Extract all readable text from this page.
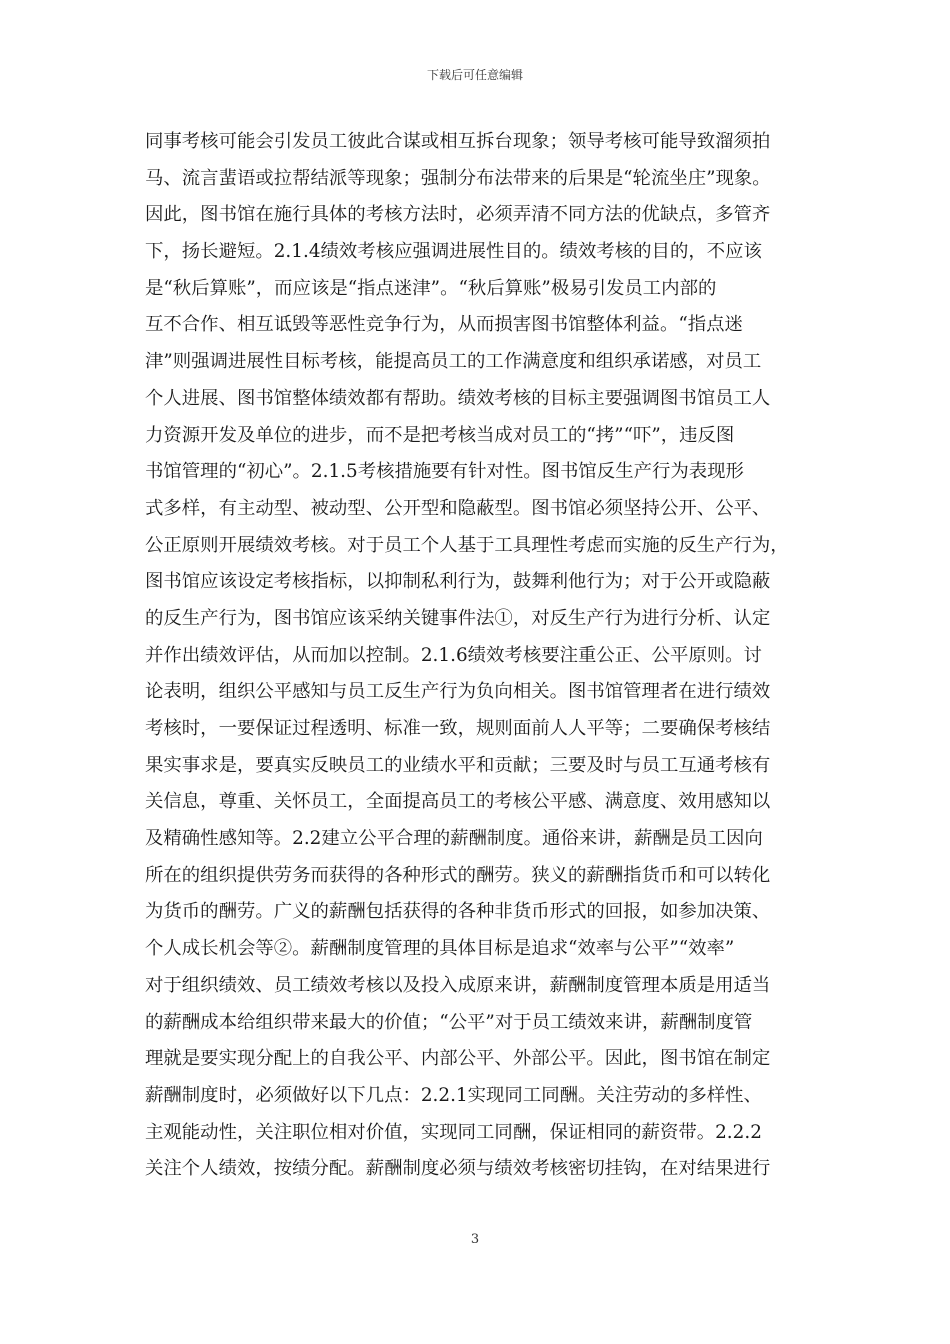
下载后可任意编辑
同事考核可能会引发员工彼此合谋或相互拆台现象；领导考核可能导致溜须拍
马、流言蜚语或拉帮结派等现象；强制分布法带来的后果是“轮流坐庄”现象。
因此，图书馆在施行具体的考核方法时，必须弄清不同方法的优缺点，多管齐
下，扬长避短。2.1.4绩效考核应强调进展性目的。绩效考核的目的，不应该
是“秋后算账”，而应该是“指点迷津”。“秋后算账”极易引发员工内部的
互不合作、相互诋毁等恶性竞争行为，从而损害图书馆整体利益。“指点迷
津”则强调进展性目标考核，能提高员工的工作满意度和组织承诺感，对员工
个人进展、图书馆整体绩效都有帮助。绩效考核的目标主要强调图书馆员工人
力资源开发及单位的进步，而不是把考核当成对员工的“拷”“吓”，违反图
书馆管理的“初心”。2.1.5考核措施要有针对性。图书馆反生产行为表现形
式多样，有主动型、被动型、公开型和隐蔽型。图书馆必须坚持公开、公平、
公正原则开展绩效考核。对于员工个人基于工具理性考虑而实施的反生产行为，
图书馆应该设定考核指标，以抑制私利行为，鼓舞利他行为；对于公开或隐蔽
的反生产行为，图书馆应该采纳关键事件法①，对反生产行为进行分析、认定
并作出绩效评估，从而加以控制。2.1.6绩效考核要注重公正、公平原则。讨
论表明，组织公平感知与员工反生产行为负向相关。图书馆管理者在进行绩效
考核时，一要保证过程透明、标准一致，规则面前人人平等；二要确保考核结
果实事求是，要真实反映员工的业绩水平和贡献；三要及时与员工互通考核有
关信息，尊重、关怀员工，全面提高员工的考核公平感、满意度、效用感知以
及精确性感知等。2.2建立公平合理的薪酬制度。通俗来讲，薪酬是员工因向
所在的组织提供劳务而获得的各种形式的酬劳。狭义的薪酬指货币和可以转化
为货币的酬劳。广义的薪酬包括获得的各种非货币形式的回报，如参加决策、
个人成长机会等②。薪酬制度管理的具体目标是追求“效率与公平”“效率”
对于组织绩效、员工绩效考核以及投入成原来讲，薪酬制度管理本质是用适当
的薪酬成本给组织带来最大的价值；“公平”对于员工绩效来讲，薪酬制度管
理就是要实现分配上的自我公平、内部公平、外部公平。因此，图书馆在制定
薪酬制度时，必须做好以下几点：2.2.1实现同工同酬。关注劳动的多样性、
主观能动性，关注职位相对价值，实现同工同酬，保证相同的薪资带。2.2.2
关注个人绩效，按绩分配。薪酬制度必须与绩效考核密切挂钩，在对结果进行
3
